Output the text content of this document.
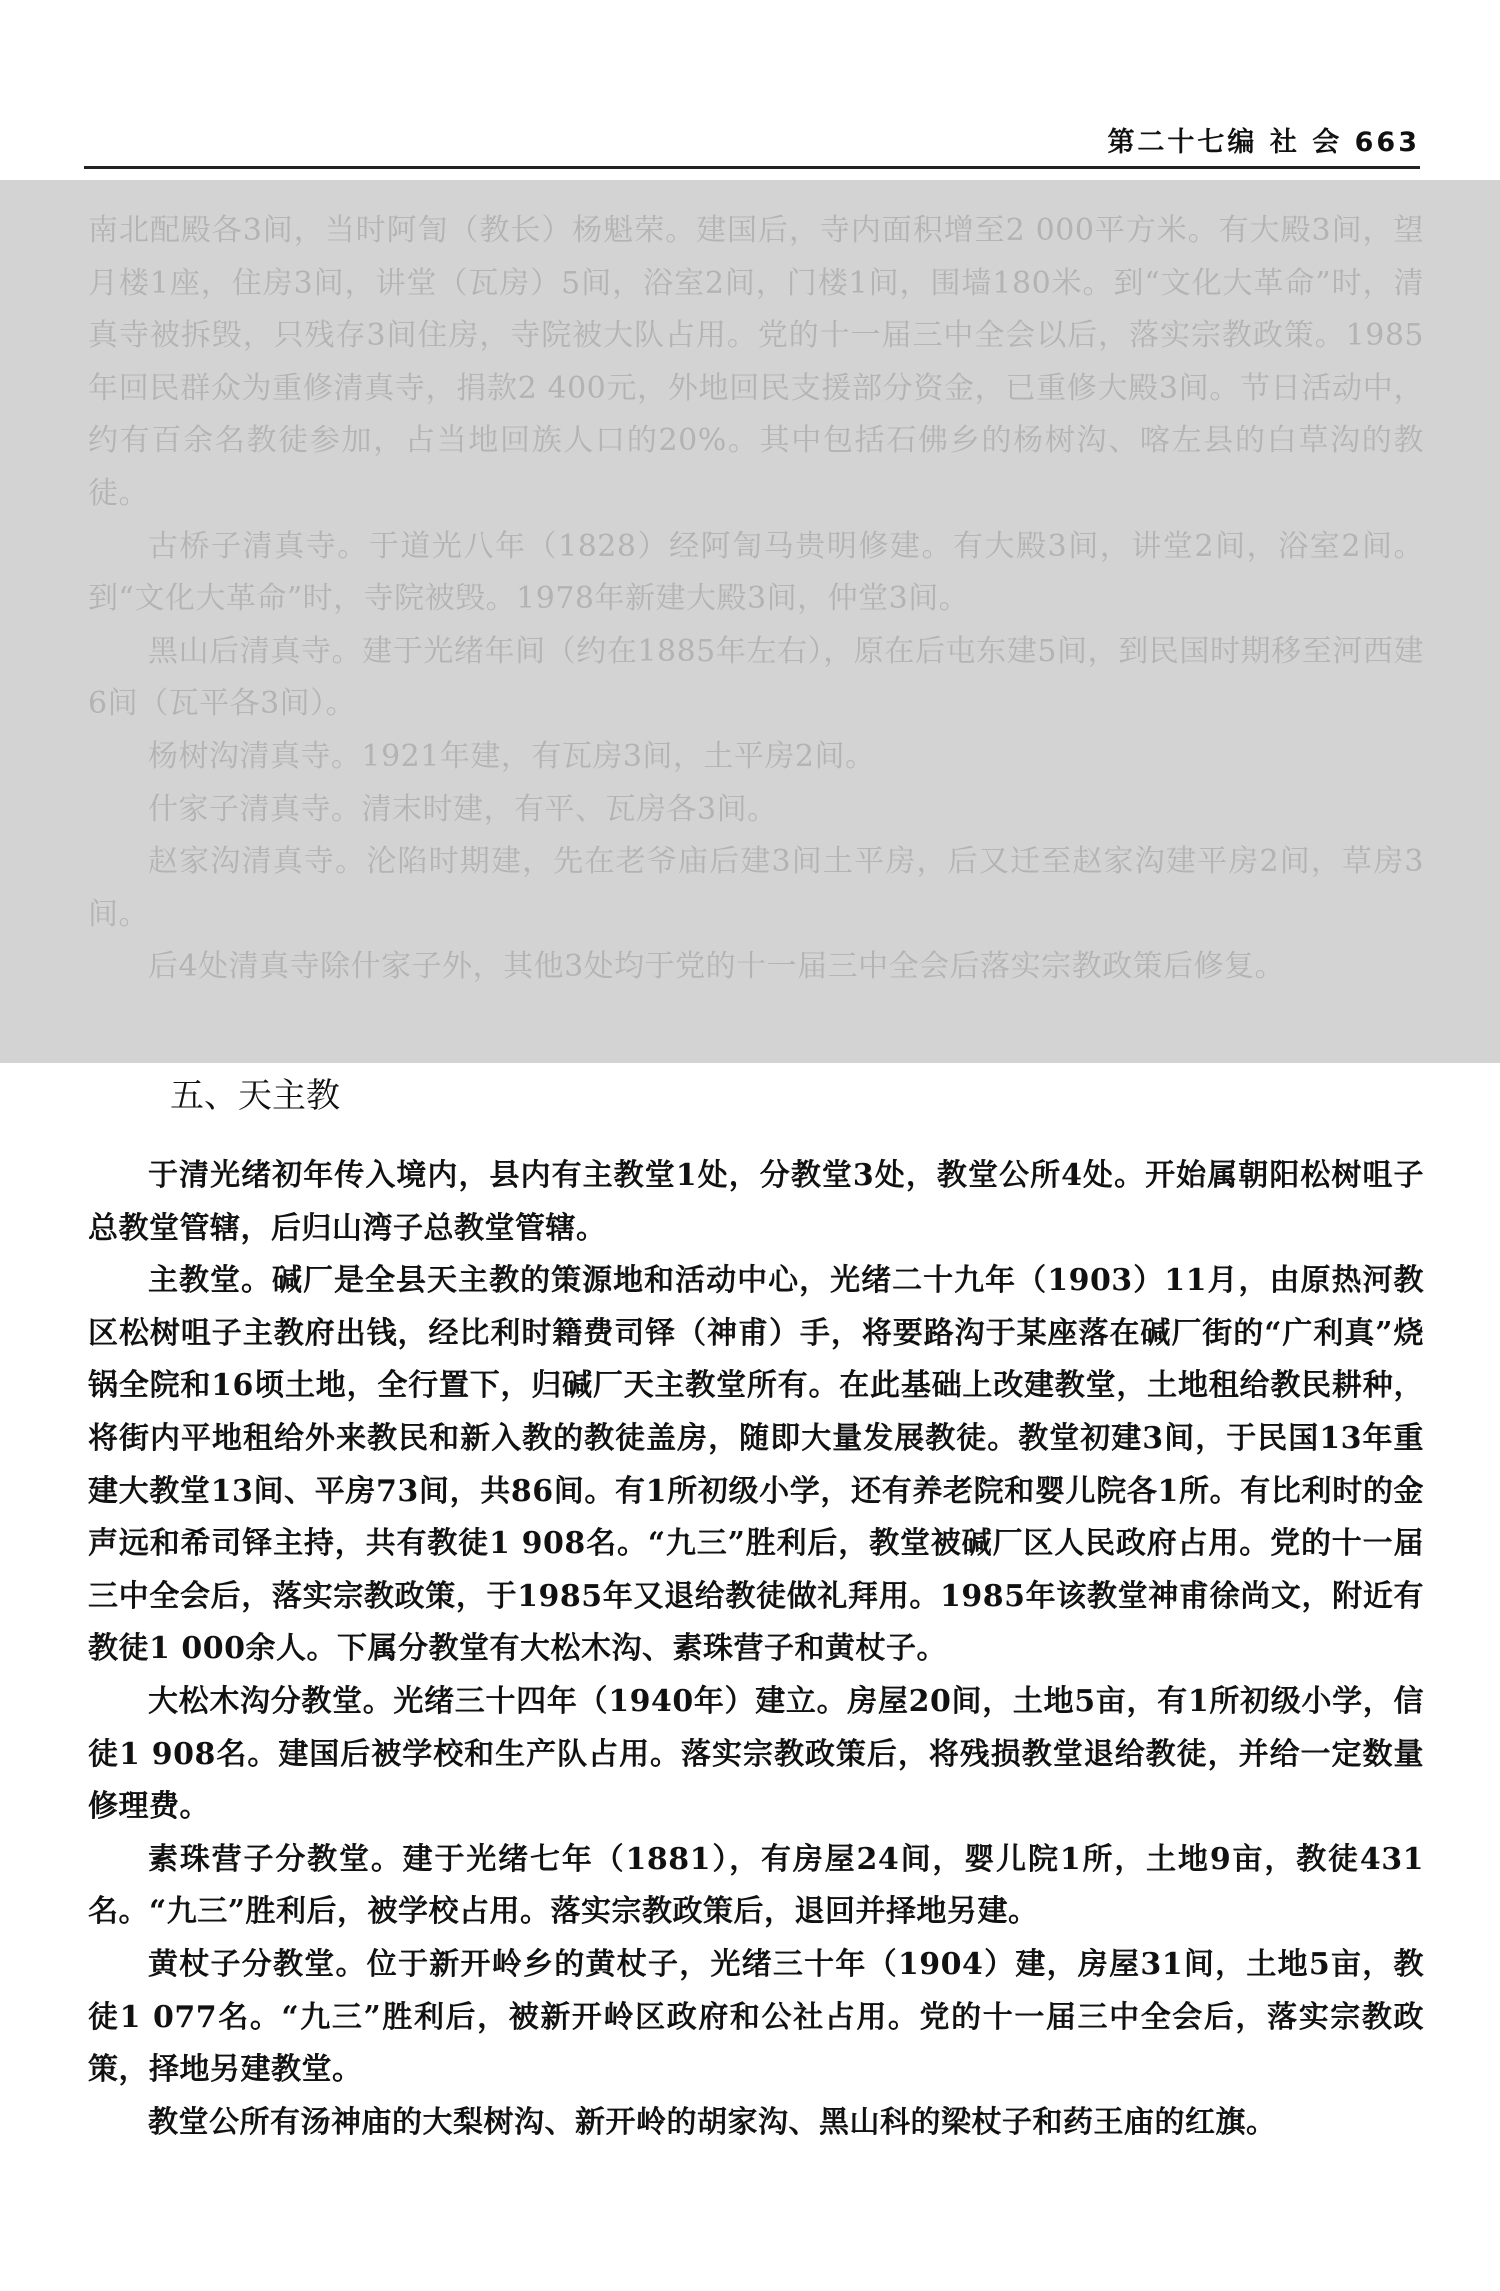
第二十七编 社 会 663

南北配殿各3间，当时阿訇（教长）杨魁荣。建国后，寺内面积增至2 000平方米。有大殿3间，望月楼1座，住房3间，讲堂（瓦房）5间，浴室2间，门楼1间，围墙180米。到“文化大革命”时，清真寺被拆毁，只残存3间住房，寺院被大队占用。党的十一届三中全会以后，落实宗教政策。1985年回民群众为重修清真寺，捐款2 400元，外地回民支援部分资金，已重修大殿3间。节日活动中，约有百余名教徒参加，占当地回族人口的20%。其中包括石佛乡的杨树沟、喀左县的白草沟的教徒。

古桥子清真寺。于道光八年（1828）经阿訇马贵明修建。有大殿3间，讲堂2间，浴室2间。到“文化大革命”时，寺院被毁。1978年新建大殿3间，仲堂3间。

黑山后清真寺。建于光绪年间（约在1885年左右），原在后屯东建5间，到民国时期移至河西建6间（瓦平各3间）。

杨树沟清真寺。1921年建，有瓦房3间，土平房2间。

什家子清真寺。清末时建，有平、瓦房各3间。

赵家沟清真寺。沦陷时期建，先在老爷庙后建3间土平房，后又迁至赵家沟建平房2间，草房3间。

后4处清真寺除什家子外，其他3处均于党的十一届三中全会后落实宗教政策后修复。

五、天主教

于清光绪初年传入境内，县内有主教堂1处，分教堂3处，教堂公所4处。开始属朝阳松树咀子总教堂管辖，后归山湾子总教堂管辖。

主教堂。碱厂是全县天主教的策源地和活动中心，光绪二十九年（1903）11月，由原热河教区松树咀子主教府出钱，经比利时籍费司铎（神甫）手，将要路沟于某座落在碱厂街的“广利真”烧锅全院和16顷土地，全行置下，归碱厂天主教堂所有。在此基础上改建教堂，土地租给教民耕种，将街内平地租给外来教民和新入教的教徒盖房，随即大量发展教徒。教堂初建3间，于民国13年重建大教堂13间、平房73间，共86间。有1所初级小学，还有养老院和婴儿院各1所。有比利时的金声远和希司铎主持，共有教徒1 908名。“九三”胜利后，教堂被碱厂区人民政府占用。党的十一届三中全会后，落实宗教政策，于1985年又退给教徒做礼拜用。1985年该教堂神甫徐尚文，附近有教徒1 000余人。下属分教堂有大松木沟、素珠营子和黄杖子。

大松木沟分教堂。光绪三十四年（1940年）建立。房屋20间，土地5亩，有1所初级小学，信徒1 908名。建国后被学校和生产队占用。落实宗教政策后，将残损教堂退给教徒，并给一定数量修理费。

素珠营子分教堂。建于光绪七年（1881），有房屋24间，婴儿院1所，土地9亩，教徒431名。“九三”胜利后，被学校占用。落实宗教政策后，退回并择地另建。

黄杖子分教堂。位于新开岭乡的黄杖子，光绪三十年（1904）建，房屋31间，土地5亩，教徒1 077名。“九三”胜利后，被新开岭区政府和公社占用。党的十一届三中全会后，落实宗教政策，择地另建教堂。

教堂公所有汤神庙的大梨树沟、新开岭的胡家沟、黑山科的梁杖子和药王庙的红旗。
